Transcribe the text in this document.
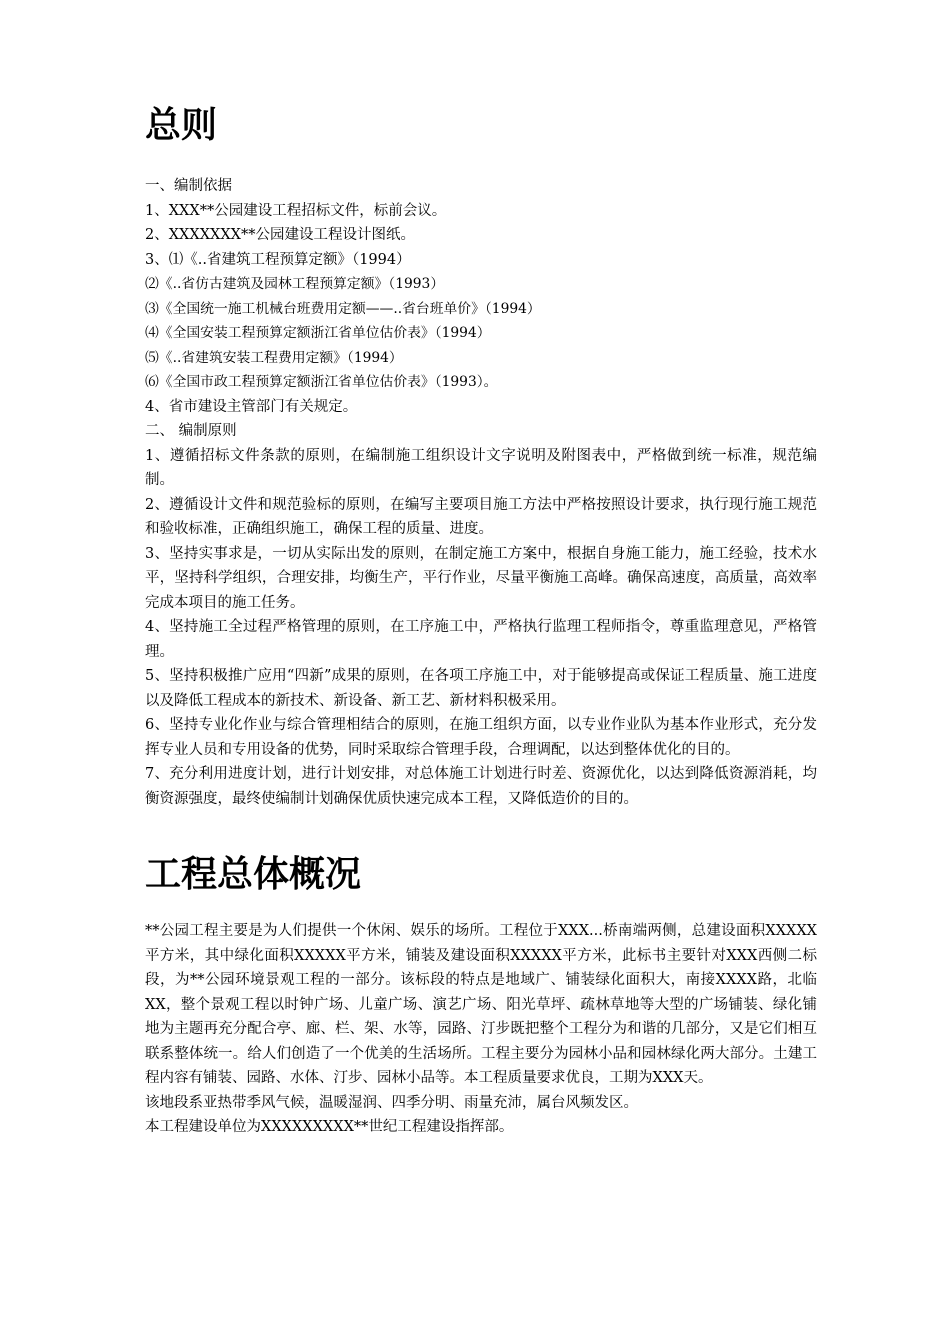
总则

一、编制依据

1、XXX**公园建设工程招标文件，标前会议。

2、XXXXXXX**公园建设工程设计图纸。

3、⑴《..省建筑工程预算定额》（1994）

⑵《..省仿古建筑及园林工程预算定额》（1993）

⑶《全国统一施工机械台班费用定额——..省台班单价》（1994）

⑷《全国安装工程预算定额浙江省单位估价表》（1994）

⑸《..省建筑安装工程费用定额》（1994）

⑹《全国市政工程预算定额浙江省单位估价表》（1993）。

4、省市建设主管部门有关规定。

二、 编制原则

1、遵循招标文件条款的原则，在编制施工组织设计文字说明及附图表中，严格做到统一标准，规范编制。

2、遵循设计文件和规范验标的原则，在编写主要项目施工方法中严格按照设计要求，执行现行施工规范和验收标准，正确组织施工，确保工程的质量、进度。

3、坚持实事求是，一切从实际出发的原则，在制定施工方案中，根据自身施工能力，施工经验，技术水平，坚持科学组织，合理安排，均衡生产，平行作业，尽量平衡施工高峰。确保高速度，高质量，高效率完成本项目的施工任务。

4、坚持施工全过程严格管理的原则，在工序施工中，严格执行监理工程师指令，尊重监理意见，严格管理。

5、坚持积极推广应用“四新”成果的原则，在各项工序施工中，对于能够提高或保证工程质量、施工进度以及降低工程成本的新技术、新设备、新工艺、新材料积极采用。

6、坚持专业化作业与综合管理相结合的原则，在施工组织方面，以专业作业队为基本作业形式，充分发挥专业人员和专用设备的优势，同时采取综合管理手段，合理调配，以达到整体优化的目的。

7、充分利用进度计划，进行计划安排，对总体施工计划进行时差、资源优化，以达到降低资源消耗，均衡资源强度，最终使编制计划确保优质快速完成本工程，又降低造价的目的。

工程总体概况

**公园工程主要是为人们提供一个休闲、娱乐的场所。工程位于XXX...桥南端两侧，总建设面积XXXXX平方米，其中绿化面积XXXXX平方米，铺装及建设面积XXXXX平方米，此标书主要针对XXX西侧二标段，为**公园环境景观工程的一部分。该标段的特点是地域广、铺装绿化面积大，南接XXXX路，北临XX，整个景观工程以时钟广场、儿童广场、演艺广场、阳光草坪、疏林草地等大型的广场铺装、绿化铺地为主题再充分配合亭、廊、栏、架、水等，园路、汀步既把整个工程分为和谐的几部分，又是它们相互联系整体统一。给人们创造了一个优美的生活场所。工程主要分为园林小品和园林绿化两大部分。土建工程内容有铺装、园路、水体、汀步、园林小品等。本工程质量要求优良，工期为XXX天。

该地段系亚热带季风气候，温暖湿润、四季分明、雨量充沛，属台风频发区。

本工程建设单位为XXXXXXXXX**世纪工程建设指挥部。
